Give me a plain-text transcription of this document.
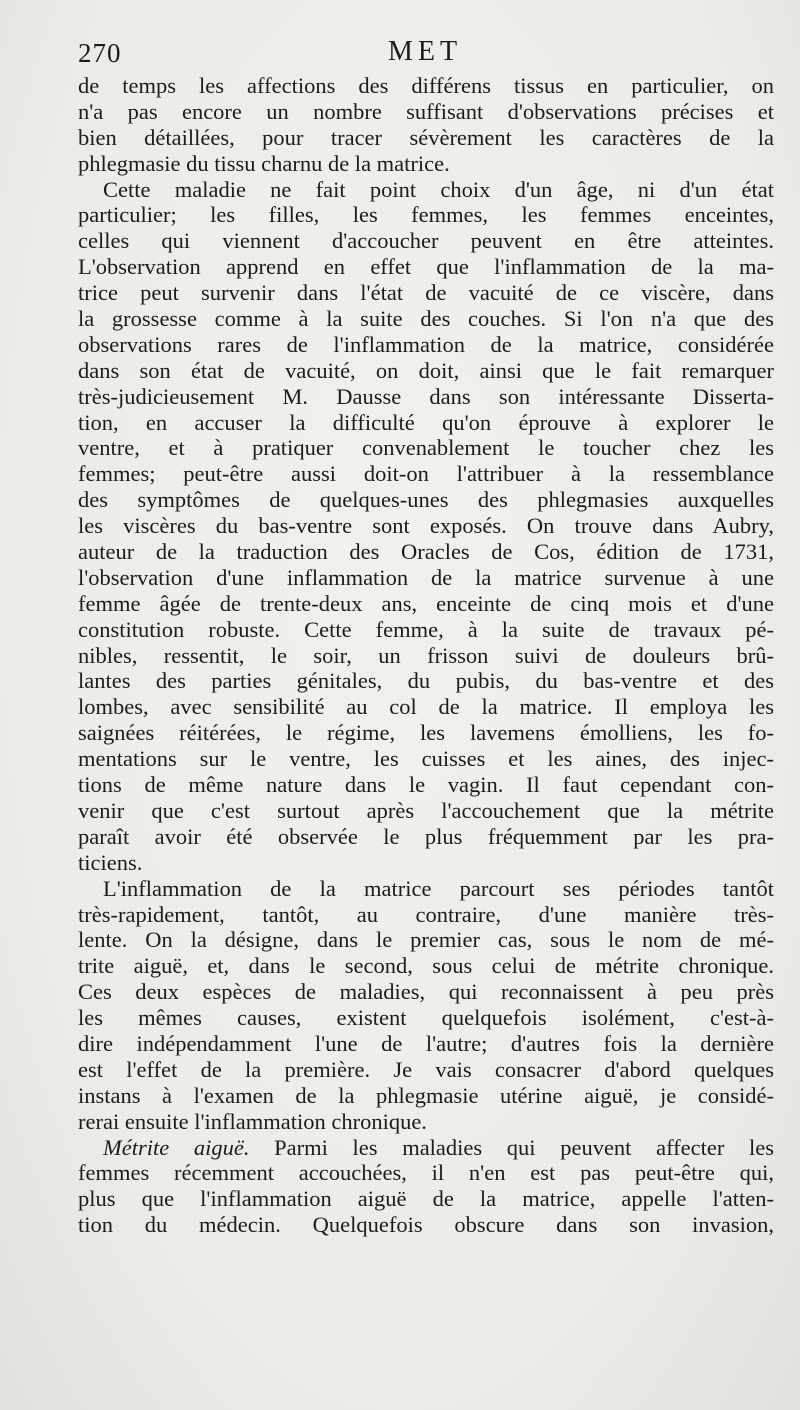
270	MET
de temps les affections des différens tissus en particulier, on
n'a pas encore un nombre suffisant d'observations précises et
bien détaillées, pour tracer sévèrement les caractères de la
phlegmasie du tissu charnu de la matrice.
Cette maladie ne fait point choix d'un âge, ni d'un état
particulier; les filles, les femmes, les femmes enceintes,
celles qui viennent d'accoucher peuvent en être atteintes.
L'observation apprend en effet que l'inflammation de la ma-
trice peut survenir dans l'état de vacuité de ce viscère, dans
la grossesse comme à la suite des couches. Si l'on n'a que des
observations rares de l'inflammation de la matrice, considérée
dans son état de vacuité, on doit, ainsi que le fait remarquer
très-judicieusement M. Dausse dans son intéressante Disserta-
tion, en accuser la difficulté qu'on éprouve à explorer le
ventre, et à pratiquer convenablement le toucher chez les
femmes; peut-être aussi doit-on l'attribuer à la ressemblance
des symptômes de quelques-unes des phlegmasies auxquelles
les viscères du bas-ventre sont exposés. On trouve dans Aubry,
auteur de la traduction des Oracles de Cos, édition de 1731,
l'observation d'une inflammation de la matrice survenue à une
femme âgée de trente-deux ans, enceinte de cinq mois et d'une
constitution robuste. Cette femme, à la suite de travaux pé-
nibles, ressentit, le soir, un frisson suivi de douleurs brû-
lantes des parties génitales, du pubis, du bas-ventre et des
lombes, avec sensibilité au col de la matrice. Il employa les
saignées réitérées, le régime, les lavemens émolliens, les fo-
mentations sur le ventre, les cuisses et les aines, des injec-
tions de même nature dans le vagin. Il faut cependant con-
venir que c'est surtout après l'accouchement que la métrite
paraît avoir été observée le plus fréquemment par les pra-
ticiens.
L'inflammation de la matrice parcourt ses périodes tantôt
très-rapidement, tantôt, au contraire, d'une manière très-
lente. On la désigne, dans le premier cas, sous le nom de mé-
trite aiguë, et, dans le second, sous celui de métrite chronique.
Ces deux espèces de maladies, qui reconnaissent à peu près
les mêmes causes, existent quelquefois isolément, c'est-à-
dire indépendamment l'une de l'autre; d'autres fois la dernière
est l'effet de la première. Je vais consacrer d'abord quelques
instans à l'examen de la phlegmasie utérine aiguë, je considé-
rerai ensuite l'inflammation chronique.
Métrite aiguë. Parmi les maladies qui peuvent affecter les
femmes récemment accouchées, il n'en est pas peut-être qui,
plus que l'inflammation aiguë de la matrice, appelle l'atten-
tion du médecin. Quelquefois obscure dans son invasion,
